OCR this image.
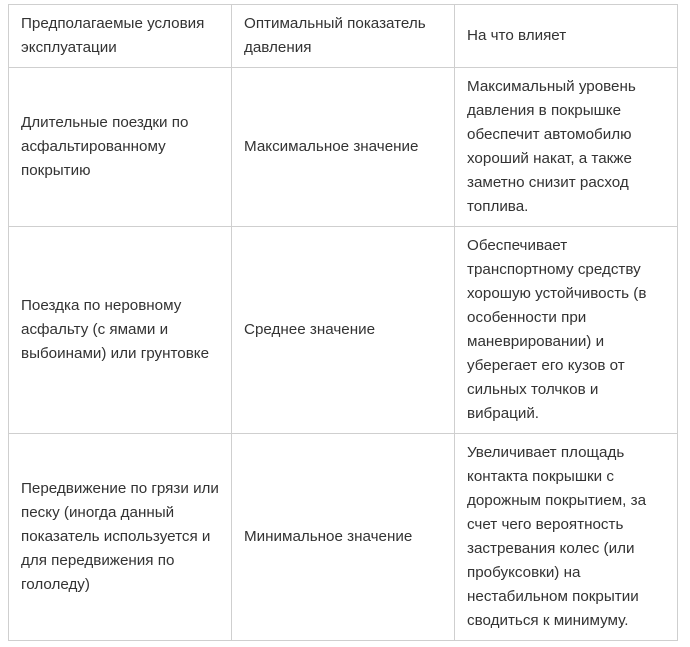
Предполагаемые условия эксплуатации	Оптимальный показатель давления	На что влияет
Длительные поездки по асфальтированному покрытию	Максимальное значение	Максимальный уровень давления в покрышке обеспечит автомобилю хороший накат, а также заметно снизит расход топлива.
Поездка по неровному асфальту (с ямами и выбоинами) или грунтовке	Среднее значение	Обеспечивает транспортному средству хорошую устойчивость (в особенности при маневрировании) и уберегает его кузов от сильных толчков и вибраций.
Передвижение по грязи или песку (иногда данный показатель используется и для передвижения по гололеду)	Минимальное значение	Увеличивает площадь контакта покрышки с дорожным покрытием, за счет чего вероятность застревания колес (или пробуксовки) на нестабильном покрытии сводиться к минимуму.
